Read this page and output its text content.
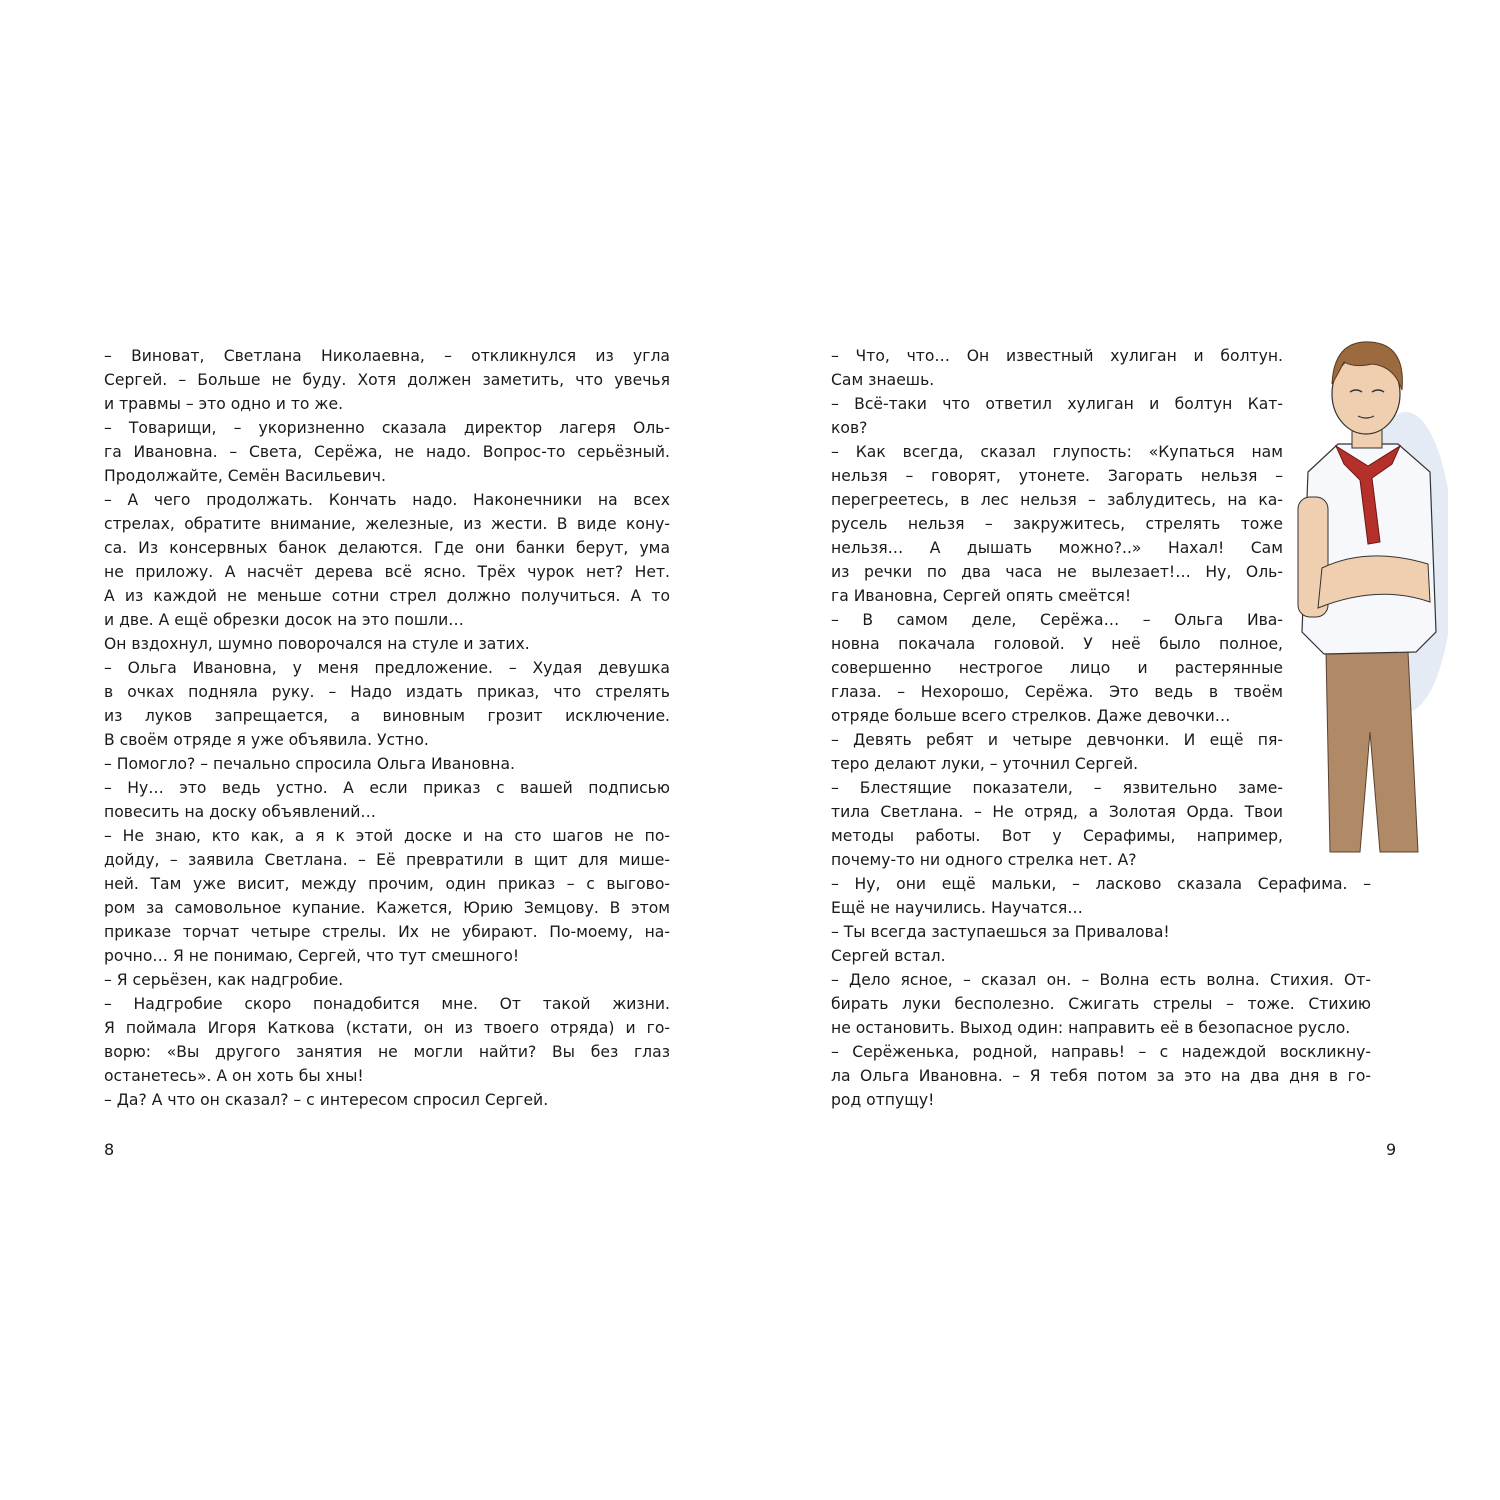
– Виноват, Светлана Николаевна, – откликнулся из угла
Сергей. – Больше не буду. Хотя должен заметить, что увечья
и травмы – это одно и то же.
– Товарищи, – укоризненно сказала директор лагеря Оль-
га Ивановна. – Света, Серёжа, не надо. Вопрос-то серьёзный.
Продолжайте, Семён Васильевич.
– А чего продолжать. Кончать надо. Наконечники на всех
стрелах, обратите внимание, железные, из жести. В виде кону-
са. Из консервных банок делаются. Где они банки берут, ума
не приложу. А насчёт дерева всё ясно. Трёх чурок нет? Нет.
А из каждой не меньше сотни стрел должно получиться. А то
и две. А ещё обрезки досок на это пошли…
Он вздохнул, шумно поворочался на стуле и затих.
– Ольга Ивановна, у меня предложение. – Худая девушка
в очках подняла руку. – Надо издать приказ, что стрелять
из луков запрещается, а виновным грозит исключение.
В своём отряде я уже объявила. Устно.
– Помогло? – печально спросила Ольга Ивановна.
– Ну… это ведь устно. А если приказ с вашей подписью
повесить на доску объявлений…
– Не знаю, кто как, а я к этой доске и на сто шагов не по-
дойду, – заявила Светлана. – Её превратили в щит для мише-
ней. Там уже висит, между прочим, один приказ – с выгово-
ром за самовольное купание. Кажется, Юрию Земцову. В этом
приказе торчат четыре стрелы. Их не убирают. По-моему, на-
рочно… Я не понимаю, Сергей, что тут смешного!
– Я серьёзен, как надгробие.
– Надгробие скоро понадобится мне. От такой жизни.
Я поймала Игоря Каткова (кстати, он из твоего отряда) и го-
ворю: «Вы другого занятия не могли найти? Вы без глаз
останетесь». А он хоть бы хны!
– Да? А что он сказал? – с интересом спросил Сергей.
– Что, что… Он известный хулиган и болтун.
Сам знаешь.
– Всё-таки что ответил хулиган и болтун Кат-
ков?
– Как всегда, сказал глупость: «Купаться нам
нельзя – говорят, утонете. Загорать нельзя –
перегреетесь, в лес нельзя – заблудитесь, на ка-
русель нельзя – закружитесь, стрелять тоже
нельзя… А дышать можно?..» Нахал! Сам
из речки по два часа не вылезает!… Ну, Оль-
га Ивановна, Сергей опять смеётся!
– В самом деле, Серёжа… – Ольга Ива-
новна покачала головой. У неё было полное,
совершенно нестрогое лицо и растерянные
глаза. – Нехорошо, Серёжа. Это ведь в твоём
отряде больше всего стрелков. Даже девочки…
– Девять ребят и четыре девчонки. И ещё пя-
теро делают луки, – уточнил Сергей.
– Блестящие показатели, – язвительно заме-
тила Светлана. – Не отряд, а Золотая Орда. Твои
методы работы. Вот у Серафимы, например,
почему-то ни одного стрелка нет. А?
– Ну, они ещё мальки, – ласково сказала Серафима. –
Ещё не научились. Научатся…
– Ты всегда заступаешься за Привалова!
Сергей встал.
– Дело ясное, – сказал он. – Волна есть волна. Стихия. От-
бирать луки бесполезно. Сжигать стрелы – тоже. Стихию
не остановить. Выход один: направить её в безопасное русло.
– Серёженька, родной, направь! – с надеждой воскликну-
ла Ольга Ивановна. – Я тебя потом за это на два дня в го-
род отпущу!
8	9
